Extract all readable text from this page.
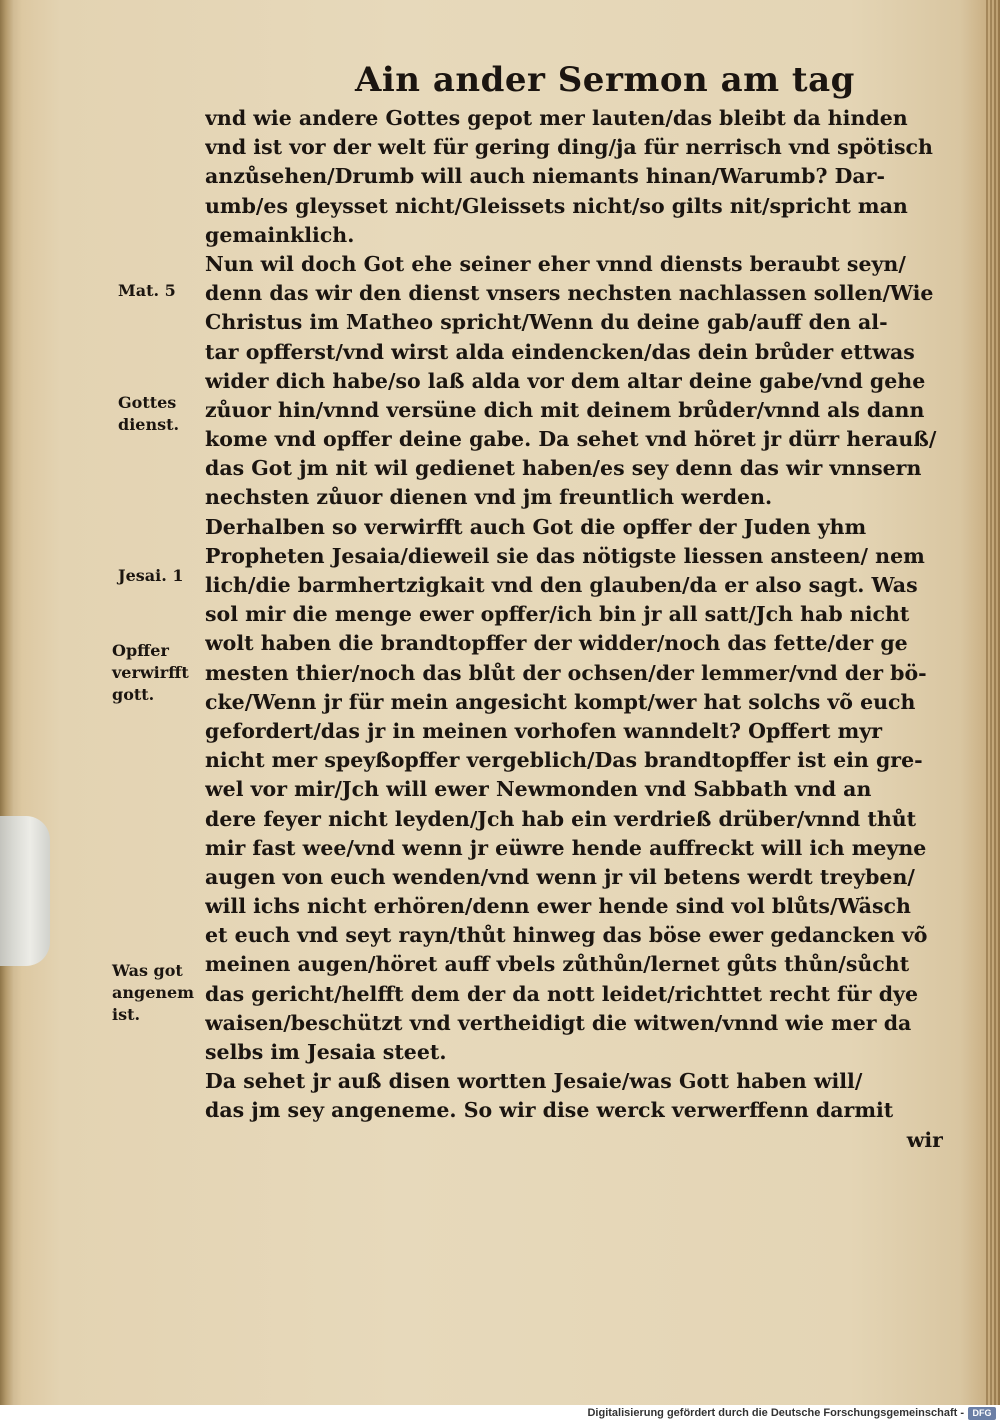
Ain ander Sermon am tag
vnd wie andere Gottes gepot mer lauten/das bleibt da hinden
vnd ist vor der welt für gering ding/ja für nerrisch vnd spötisch
anzůsehen/Drumb will auch niemants hinan/Warumb? Dar-
umb/es gleysset nicht/Gleissets nicht/so gilts nit/spricht man
gemainklich.
Nun wil doch Got ehe seiner eher vnnd diensts beraubt seyn/
denn das wir den dienst vnsers nechsten nachlassen sollen/Wie
Christus im Matheo spricht/Wenn du deine gab/auff den al-
tar opfferst/vnd wirst alda eindencken/das dein brůder ettwas
wider dich habe/so laß alda vor dem altar deine gabe/vnd gehe
zůuor hin/vnnd versüne dich mit deinem brůder/vnnd als dann
kome vnd opffer deine gabe. Da sehet vnd höret jr dürr herauß/
das Got jm nit wil gedienet haben/es sey denn das wir vnnsern
nechsten zůuor dienen vnd jm freuntlich werden.
Derhalben so verwirfft auch Got die opffer der Juden yhm
Propheten Jesaia/dieweil sie das nötigste liessen ansteen/ nem
lich/die barmhertzigkait vnd den glauben/da er also sagt. Was
sol mir die menge ewer opffer/ich bin jr all satt/Jch hab nicht
wolt haben die brandtopffer der widder/noch das fette/der ge
mesten thier/noch das blůt der ochsen/der lemmer/vnd der bö-
cke/Wenn jr für mein angesicht kompt/wer hat solchs võ euch
gefordert/das jr in meinen vorhofen wanndelt? Opffert myr
nicht mer speyßopffer vergeblich/Das brandtopffer ist ein gre-
wel vor mir/Jch will ewer Newmonden vnd Sabbath vnd an
dere feyer nicht leyden/Jch hab ein verdrieß drüber/vnnd thůt
mir fast wee/vnd wenn jr eüwre hende auffreckt will ich meyne
augen von euch wenden/vnd wenn jr vil betens werdt treyben/
will ichs nicht erhören/denn ewer hende sind vol blůts/Wäsch
et euch vnd seyt rayn/thůt hinweg das böse ewer gedancken võ
meinen augen/höret auff vbels zůthůn/lernet gůts thůn/sůcht
das gericht/helfft dem der da nott leidet/richttet recht für dye
waisen/beschützt vnd vertheidigt die witwen/vnnd wie mer da
selbs im Jesaia steet.
Da sehet jr auß disen wortten Jesaie/was Gott haben will/
das jm sey angeneme. So wir dise werck verwerffenn darmit
wir
Mat. 5
Gottes
dienst.
Jesai. 1
Opffer
verwirfft
gott.
Was got
angenem
ist.
Digitalisierung gefördert durch die Deutsche Forschungsgemeinschaft - DFG
